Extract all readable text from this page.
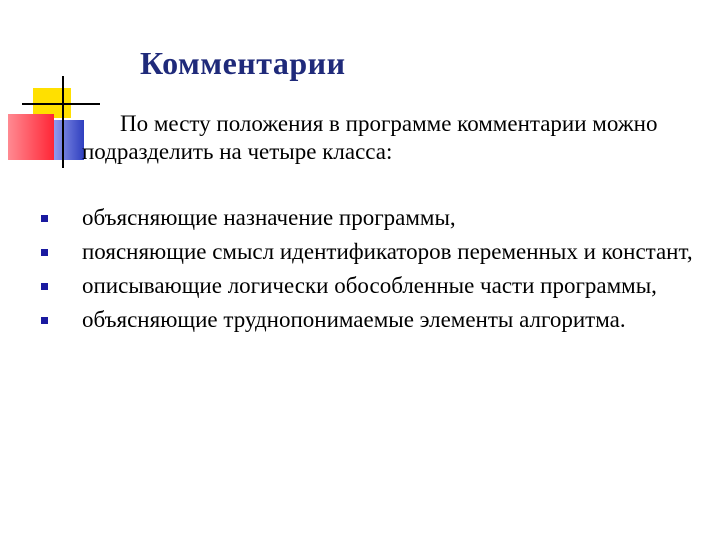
Комментарии

По месту положения в программе комментарии можно подразделить на четыре класса:

объясняющие назначение программы,
поясняющие смысл идентификаторов переменных и констант,
описывающие логически обособленные части программы,
объясняющие труднопонимаемые элементы алгоритма.
